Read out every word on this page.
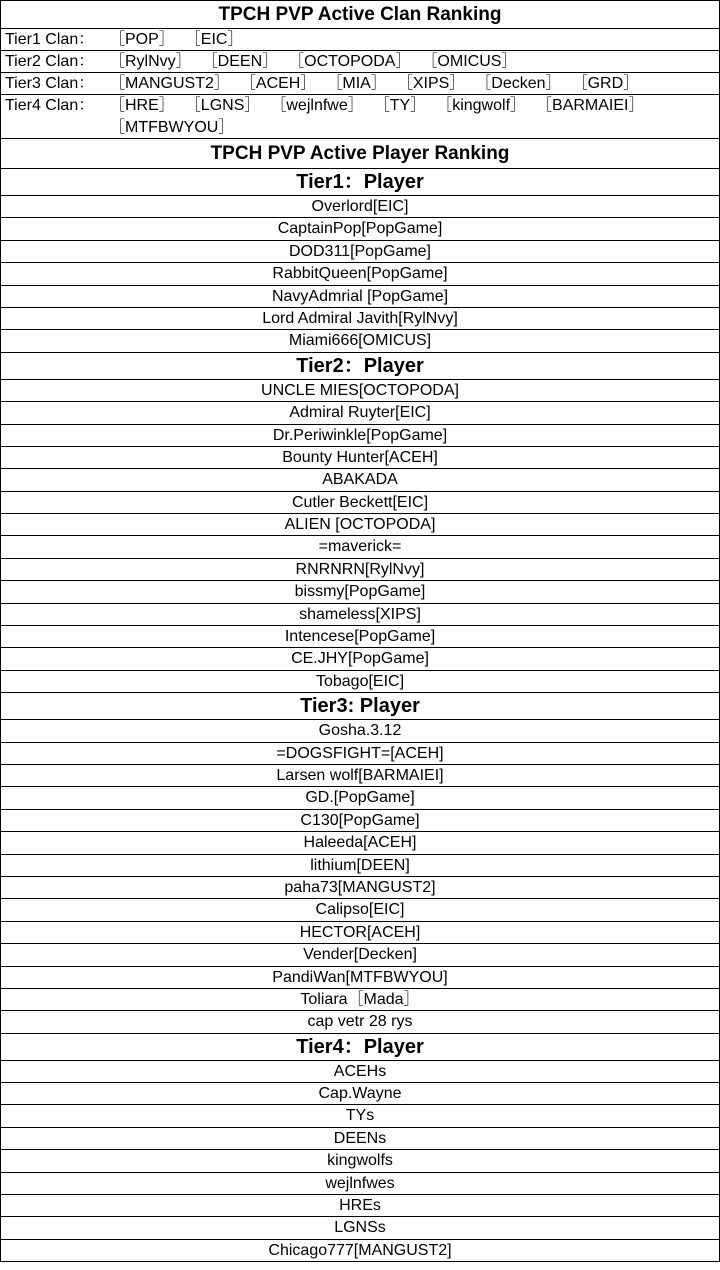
TPCH PVP Active Clan Ranking
Tier1 Clan： ［POP］ ［EIC］
Tier2 Clan： ［RylNvy］ ［DEEN］ ［OCTOPODA］ ［OMICUS］
Tier3 Clan： ［MANGUST2］ ［ACEH］ ［MIA］ ［XIPS］ ［Decken］ ［GRD］
Tier4 Clan： ［HRE］ ［LGNS］ ［wejlnfwe］ ［TY］ ［kingwolf］ ［BARMAIEI］
［MTFBWYOU］
TPCH PVP Active Player Ranking
Tier1：Player
Overlord[EIC]
CaptainPop[PopGame]
DOD311[PopGame]
RabbitQueen[PopGame]
NavyAdmrial [PopGame]
Lord Admiral Javith[RylNvy]
Miami666[OMICUS]
Tier2：Player
UNCLE MIES[OCTOPODA]
Admiral Ruyter[EIC]
Dr.Periwinkle[PopGame]
Bounty Hunter[ACEH]
ABAKADA
Cutler Beckett[EIC]
ALIEN [OCTOPODA]
=maverick=
RNRNRN[RylNvy]
bissmy[PopGame]
shameless[XIPS]
Intencese[PopGame]
CE.JHY[PopGame]
Tobago[EIC]
Tier3: Player
Gosha.3.12
=DOGSFIGHT=[ACEH]
Larsen wolf[BARMAIEI]
GD.[PopGame]
C130[PopGame]
Haleeda[ACEH]
lithium[DEEN]
paha73[MANGUST2]
Calipso[EIC]
HECTOR[ACEH]
Vender[Decken]
PandiWan[MTFBWYOU]
Toliara［Mada］
cap vetr 28 rys
Tier4：Player
ACEHs
Cap.Wayne
TYs
DEENs
kingwolfs
wejlnfwes
HREs
LGNSs
Chicago777[MANGUST2]
